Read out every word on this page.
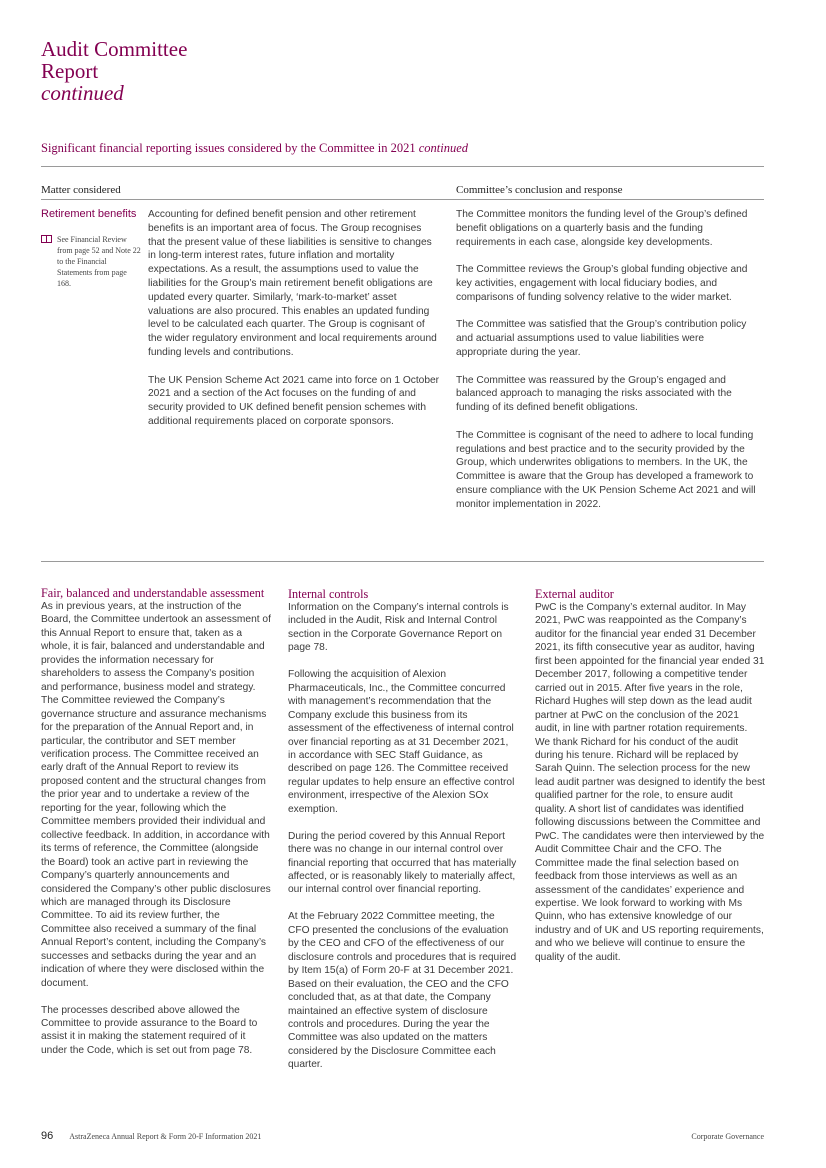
Audit Committee
Report
continued
Significant financial reporting issues considered by the Committee in 2021 continued
Matter considered	Committee’s conclusion and response
Retirement benefits
See Financial Review from page 52 and Note 22 to the Financial Statements from page 168.

Accounting for defined benefit pension and other retirement benefits is an important area of focus. The Group recognises that the present value of these liabilities is sensitive to changes in long-term interest rates, future inflation and mortality expectations. As a result, the assumptions used to value the liabilities for the Group’s main retirement benefit obligations are updated every quarter. Similarly, ‘mark-to-market’ asset valuations are also procured. This enables an updated funding level to be calculated each quarter. The Group is cognisant of the wider regulatory environment and local requirements around funding levels and contributions.

The UK Pension Scheme Act 2021 came into force on 1 October 2021 and a section of the Act focuses on the funding of and security provided to UK defined benefit pension schemes with additional requirements placed on corporate sponsors.

The Committee monitors the funding level of the Group’s defined benefit obligations on a quarterly basis and the funding requirements in each case, alongside key developments.

The Committee reviews the Group’s global funding objective and key activities, engagement with local fiduciary bodies, and comparisons of funding solvency relative to the wider market.

The Committee was satisfied that the Group’s contribution policy and actuarial assumptions used to value liabilities were appropriate during the year.

The Committee was reassured by the Group’s engaged and balanced approach to managing the risks associated with the funding of its defined benefit obligations.

The Committee is cognisant of the need to adhere to local funding regulations and best practice and to the security provided by the Group, which underwrites obligations to members. In the UK, the Committee is aware that the Group has developed a framework to ensure compliance with the UK Pension Scheme Act 2021 and will monitor implementation in 2022.

Fair, balanced and understandable assessment

As in previous years, at the instruction of the Board, the Committee undertook an assessment of this Annual Report to ensure that, taken as a whole, it is fair, balanced and understandable and provides the information necessary for shareholders to assess the Company’s position and performance, business model and strategy. The Committee reviewed the Company’s governance structure and assurance mechanisms for the preparation of the Annual Report and, in particular, the contributor and SET member verification process. The Committee received an early draft of the Annual Report to review its proposed content and the structural changes from the prior year and to undertake a review of the reporting for the year, following which the Committee members provided their individual and collective feedback. In addition, in accordance with its terms of reference, the Committee (alongside the Board) took an active part in reviewing the Company’s quarterly announcements and considered the Company’s other public disclosures which are managed through its Disclosure Committee. To aid its review further, the Committee also received a summary of the final Annual Report’s content, including the Company’s successes and setbacks during the year and an indication of where they were disclosed within the document.

The processes described above allowed the Committee to provide assurance to the Board to assist it in making the statement required of it under the Code, which is set out from page 78.

Internal controls

Information on the Company’s internal controls is included in the Audit, Risk and Internal Control section in the Corporate Governance Report on page 78.

Following the acquisition of Alexion Pharmaceuticals, Inc., the Committee concurred with management’s recommendation that the Company exclude this business from its assessment of the effectiveness of internal control over financial reporting as at 31 December 2021, in accordance with SEC Staff Guidance, as described on page 126. The Committee received regular updates to help ensure an effective control environment, irrespective of the Alexion SOx exemption.

During the period covered by this Annual Report there was no change in our internal control over financial reporting that occurred that has materially affected, or is reasonably likely to materially affect, our internal control over financial reporting.

At the February 2022 Committee meeting, the CFO presented the conclusions of the evaluation by the CEO and CFO of the effectiveness of our disclosure controls and procedures that is required by Item 15(a) of Form 20-F at 31 December 2021. Based on their evaluation, the CEO and the CFO concluded that, as at that date, the Company maintained an effective system of disclosure controls and procedures. During the year the Committee was also updated on the matters considered by the Disclosure Committee each quarter.

External auditor

PwC is the Company’s external auditor. In May 2021, PwC was reappointed as the Company’s auditor for the financial year ended 31 December 2021, its fifth consecutive year as auditor, having first been appointed for the financial year ended 31 December 2017, following a competitive tender carried out in 2015. After five years in the role, Richard Hughes will step down as the lead audit partner at PwC on the conclusion of the 2021 audit, in line with partner rotation requirements. We thank Richard for his conduct of the audit during his tenure. Richard will be replaced by Sarah Quinn. The selection process for the new lead audit partner was designed to identify the best qualified partner for the role, to ensure audit quality. A short list of candidates was identified following discussions between the Committee and PwC. The candidates were then interviewed by the Audit Committee Chair and the CFO. The Committee made the final selection based on feedback from those interviews as well as an assessment of the candidates’ experience and expertise. We look forward to working with Ms Quinn, who has extensive knowledge of our industry and of UK and US reporting requirements, and who we believe will continue to ensure the quality of the audit.

96 AstraZeneca Annual Report & Form 20-F Information 2021	Corporate Governance
